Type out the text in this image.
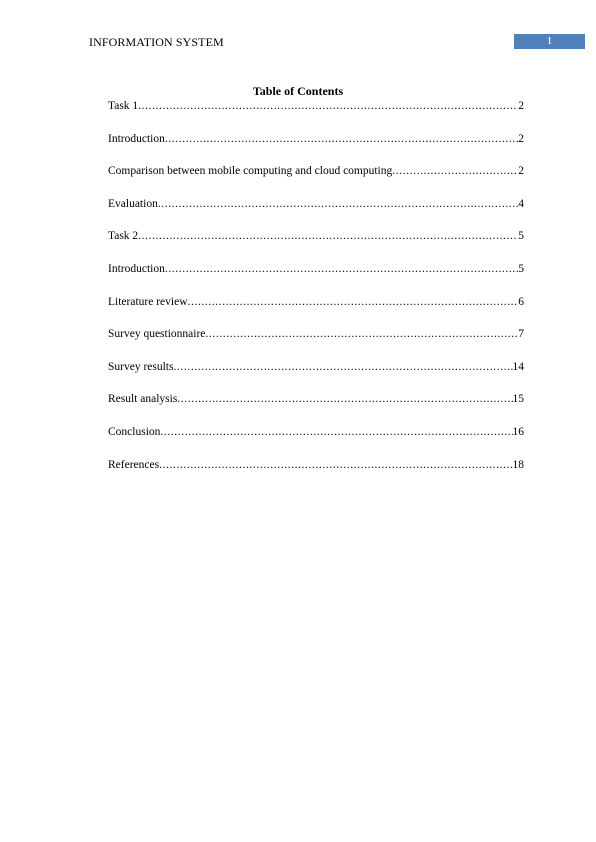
INFORMATION SYSTEM	1
Table of Contents
Task 1 .....	2
Introduction .....	2
Comparison between mobile computing and cloud computing .....	2
Evaluation .....	4
Task 2 .....	5
Introduction .....	5
Literature review .....	6
Survey questionnaire .....	7
Survey results .....	14
Result analysis .....	15
Conclusion .....	16
References .....	18
